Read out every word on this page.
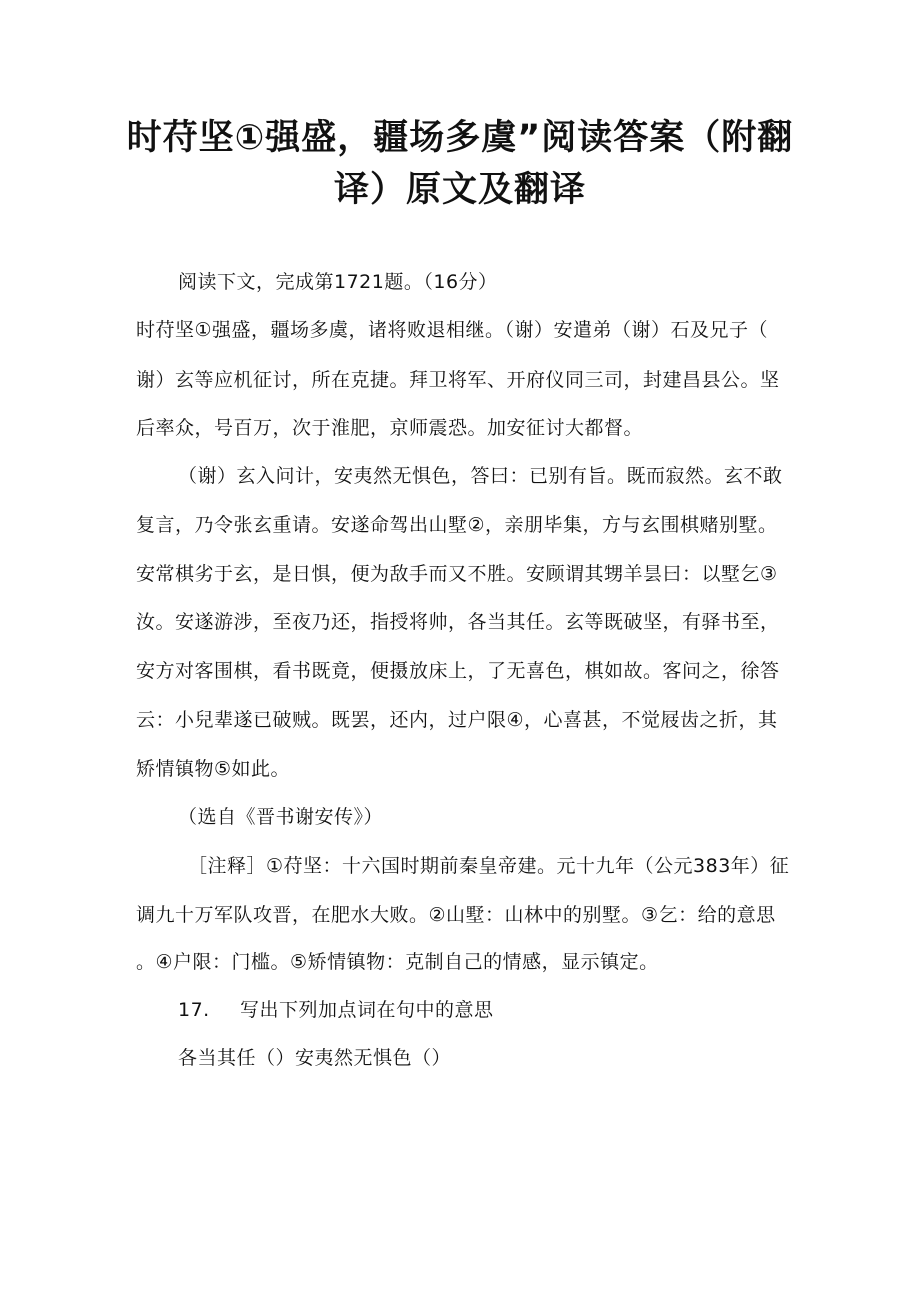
时苻坚①强盛，疆场多虞”阅读答案（附翻
译）原文及翻译

阅读下文，完成第1721题。（16分）

时苻坚①强盛，疆场多虞，诸将败退相继。（谢）安遣弟（谢）石及兄子（

谢）玄等应机征讨，所在克捷。拜卫将军、开府仪同三司，封建昌县公。坚

后率众，号百万，次于淮肥，京师震恐。加安征讨大都督。

（谢）玄入问计，安夷然无惧色，答曰：已别有旨。既而寂然。玄不敢

复言，乃令张玄重请。安遂命驾出山墅②，亲朋毕集，方与玄围棋赌别墅。

安常棋劣于玄，是日惧，便为敌手而又不胜。安顾谓其甥羊昙曰：以墅乞③

汝。安遂游涉，至夜乃还，指授将帅，各当其任。玄等既破坚，有驿书至，

安方对客围棋，看书既竟，便摄放床上，了无喜色，棋如故。客问之，徐答

云：小兒辈遂已破贼。既罢，还内，过户限④，心喜甚，不觉屐齿之折，其

矫情镇物⑤如此。

（选自《晋书谢安传》）

［注释］①苻坚：十六国时期前秦皇帝建。元十九年（公元383年）征

调九十万军队攻晋，在肥水大败。②山墅：山林中的别墅。③乞：给的意思

。④户限：门槛。⑤矫情镇物：克制自己的情感，显示镇定。

17. 写出下列加点词在句中的意思

各当其任（）安夷然无惧色（）
